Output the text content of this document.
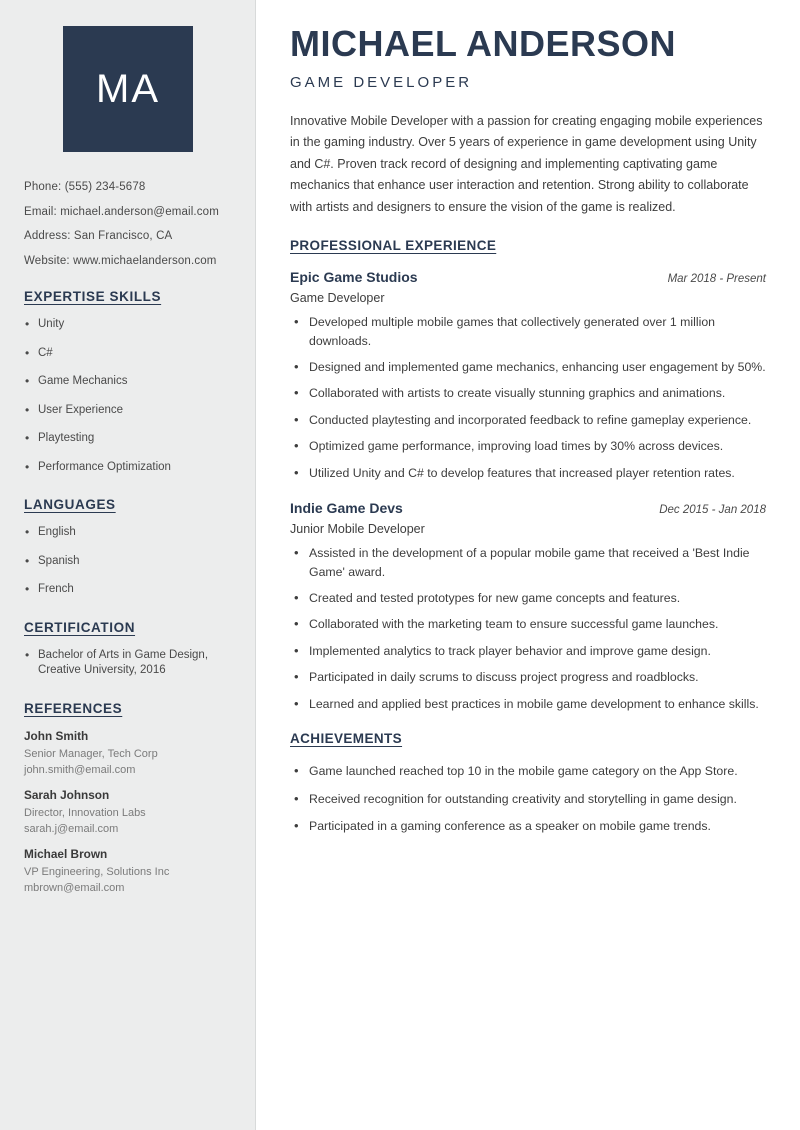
MA
Phone: (555) 234-5678
Email: michael.anderson@email.com
Address: San Francisco, CA
Website: www.michaelanderson.com
EXPERTISE SKILLS
• Unity
• C#
• Game Mechanics
• User Experience
• Playtesting
• Performance Optimization
LANGUAGES
• English
• Spanish
• French
CERTIFICATION
• Bachelor of Arts in Game Design, Creative University, 2016
REFERENCES
John Smith
Senior Manager, Tech Corp
john.smith@email.com
Sarah Johnson
Director, Innovation Labs
sarah.j@email.com
Michael Brown
VP Engineering, Solutions Inc
mbrown@email.com
MICHAEL ANDERSON
GAME DEVELOPER

Innovative Mobile Developer with a passion for creating engaging mobile experiences in the gaming industry. Over 5 years of experience in game development using Unity and C#. Proven track record of designing and implementing captivating game mechanics that enhance user interaction and retention. Strong ability to collaborate with artists and designers to ensure the vision of the game is realized.

PROFESSIONAL EXPERIENCE
Epic Game Studios	Mar 2018 - Present
Game Developer
• Developed multiple mobile games that collectively generated over 1 million downloads.
• Designed and implemented game mechanics, enhancing user engagement by 50%.
• Collaborated with artists to create visually stunning graphics and animations.
• Conducted playtesting and incorporated feedback to refine gameplay experience.
• Optimized game performance, improving load times by 30% across devices.
• Utilized Unity and C# to develop features that increased player retention rates.
Indie Game Devs	Dec 2015 - Jan 2018
Junior Mobile Developer
• Assisted in the development of a popular mobile game that received a 'Best Indie Game' award.
• Created and tested prototypes for new game concepts and features.
• Collaborated with the marketing team to ensure successful game launches.
• Implemented analytics to track player behavior and improve game design.
• Participated in daily scrums to discuss project progress and roadblocks.
• Learned and applied best practices in mobile game development to enhance skills.
ACHIEVEMENTS
• Game launched reached top 10 in the mobile game category on the App Store.
• Received recognition for outstanding creativity and storytelling in game design.
• Participated in a gaming conference as a speaker on mobile game trends.
